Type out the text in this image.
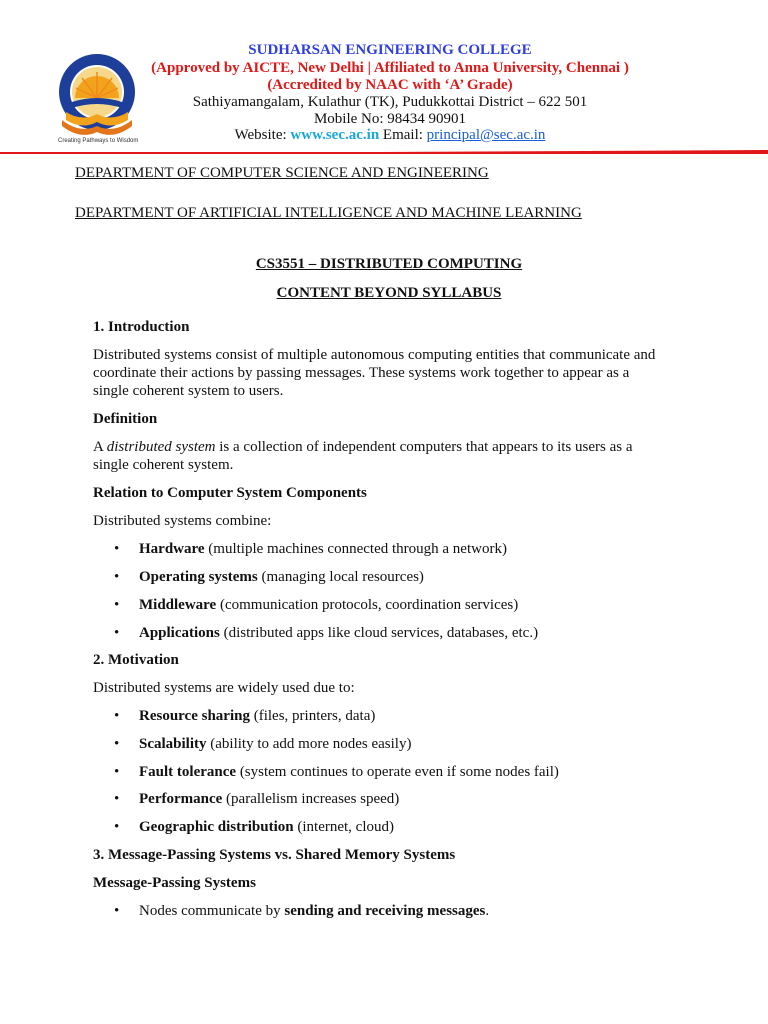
Creating Pathways to Wisdom
SUDHARSAN ENGINEERING COLLEGE
(Approved by AICTE, New Delhi | Affiliated to Anna University, Chennai )
(Accredited by NAAC with ‘A’ Grade)
Sathiyamangalam, Kulathur (TK), Pudukkottai District – 622 501
Mobile No: 98434 90901
Website: www.sec.ac.in Email: principal@sec.ac.in
DEPARTMENT OF COMPUTER SCIENCE AND ENGINEERING
DEPARTMENT OF ARTIFICIAL INTELLIGENCE AND MACHINE LEARNING
CS3551 – DISTRIBUTED COMPUTING
CONTENT BEYOND SYLLABUS
1. Introduction
Distributed systems consist of multiple autonomous computing entities that communicate and
coordinate their actions by passing messages. These systems work together to appear as a
single coherent system to users.
Definition
A distributed system is a collection of independent computers that appears to its users as a
single coherent system.
Relation to Computer System Components
Distributed systems combine:
• Hardware (multiple machines connected through a network)
• Operating systems (managing local resources)
• Middleware (communication protocols, coordination services)
• Applications (distributed apps like cloud services, databases, etc.)
2. Motivation
Distributed systems are widely used due to:
• Resource sharing (files, printers, data)
• Scalability (ability to add more nodes easily)
• Fault tolerance (system continues to operate even if some nodes fail)
• Performance (parallelism increases speed)
• Geographic distribution (internet, cloud)
3. Message-Passing Systems vs. Shared Memory Systems
Message-Passing Systems
• Nodes communicate by sending and receiving messages.
